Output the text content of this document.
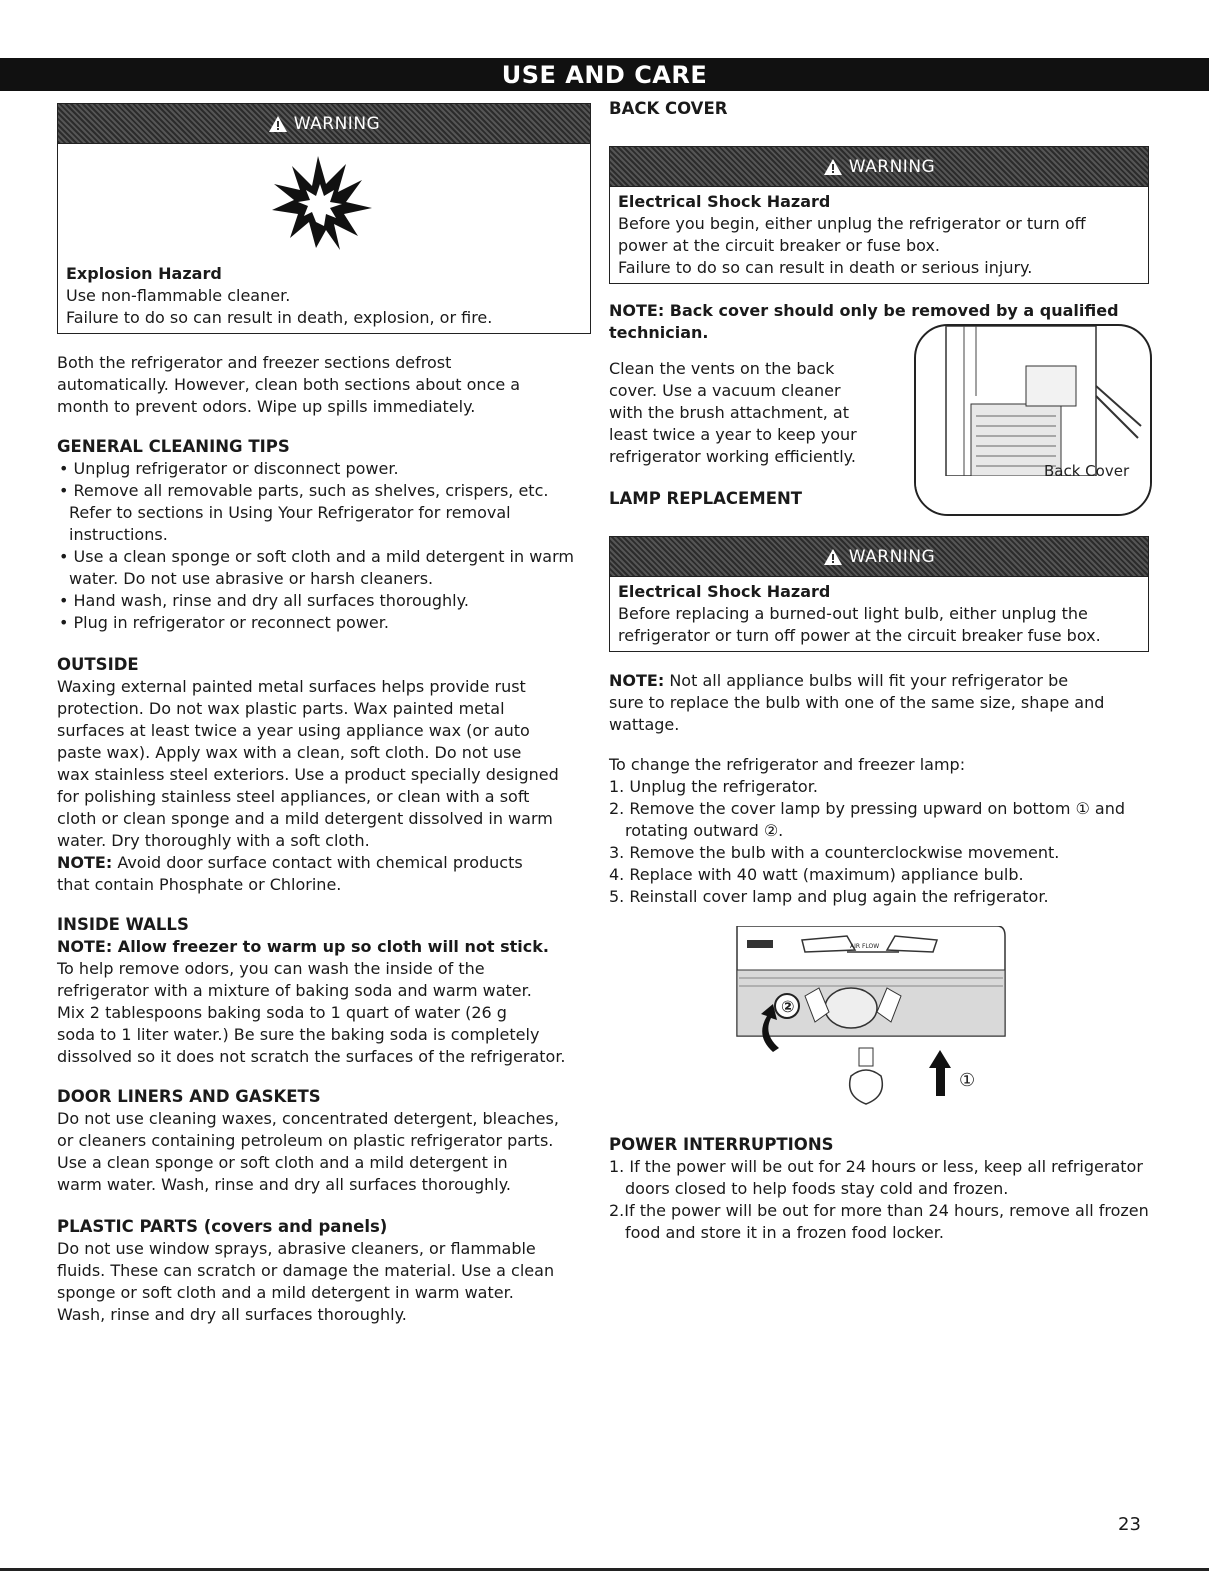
USE AND CARE
WARNING
Explosion Hazard
Use non-flammable cleaner.
Failure to do so can result in death, explosion, or fire.
Both the refrigerator and freezer sections defrost
automatically. However, clean both sections about once a
month to prevent odors. Wipe up spills immediately.
GENERAL CLEANING TIPS
• Unplug refrigerator or disconnect power.
• Remove all removable parts, such as shelves, crispers, etc. Refer to sections in Using Your Refrigerator for removal instructions.
• Use a clean sponge or soft cloth and a mild detergent in warm water. Do not use abrasive or harsh cleaners.
• Hand wash, rinse and dry all surfaces thoroughly.
• Plug in refrigerator or reconnect power.
OUTSIDE
Waxing external painted metal surfaces helps provide rust
protection. Do not wax plastic parts. Wax painted metal
surfaces at least twice a year using appliance wax (or auto
paste wax). Apply wax with a clean, soft cloth. Do not use
wax stainless steel exteriors. Use a product specially designed
for polishing stainless steel appliances, or clean with a soft
cloth or clean sponge and a mild detergent dissolved in warm
water. Dry thoroughly with a soft cloth.
NOTE: Avoid door surface contact with chemical products
that contain Phosphate or Chlorine.
INSIDE WALLS
NOTE: Allow freezer to warm up so cloth will not stick.
To help remove odors, you can wash the inside of the
refrigerator with a mixture of baking soda and warm water.
Mix 2 tablespoons baking soda to 1 quart of water (26 g
soda to 1 liter water.) Be sure the baking soda is completely
dissolved so it does not scratch the surfaces of the refrigerator.
DOOR LINERS AND GASKETS
Do not use cleaning waxes, concentrated detergent, bleaches,
or cleaners containing petroleum on plastic refrigerator parts.
Use a clean sponge or soft cloth and a mild detergent in
warm water. Wash, rinse and dry all surfaces thoroughly.
PLASTIC PARTS (covers and panels)
Do not use window sprays, abrasive cleaners, or flammable
fluids. These can scratch or damage the material. Use a clean
sponge or soft cloth and a mild detergent in warm water.
Wash, rinse and dry all surfaces thoroughly.
BACK COVER
WARNING
Electrical Shock Hazard
Before you begin, either unplug the refrigerator or turn off
power at the circuit breaker or fuse box.
Failure to do so can result in death or serious injury.
NOTE: Back cover should only be removed by a qualified
technician.
Clean the vents on the back
cover. Use a vacuum cleaner
with the brush attachment, at
least twice a year to keep your
refrigerator working efficiently.
Back Cover
LAMP REPLACEMENT
WARNING
Electrical Shock Hazard
Before replacing a burned-out light bulb, either unplug the
refrigerator or turn off power at the circuit breaker fuse box.
NOTE: Not all appliance bulbs will fit your refrigerator be
sure to replace the bulb with one of the same size, shape and
wattage.
To change the refrigerator and freezer lamp:
1. Unplug the refrigerator.
2. Remove the cover lamp by pressing upward on bottom ① and rotating outward ②.
3. Remove the bulb with a counterclockwise movement.
4. Replace with 40 watt (maximum) appliance bulb.
5. Reinstall cover lamp and plug again the refrigerator.
AIR FLOW
②
①
POWER INTERRUPTIONS
1. If the power will be out for 24 hours or less, keep all refrigerator doors closed to help foods stay cold and frozen.
2.If the power will be out for more than 24 hours, remove all frozen food and store it in a frozen food locker.
23
